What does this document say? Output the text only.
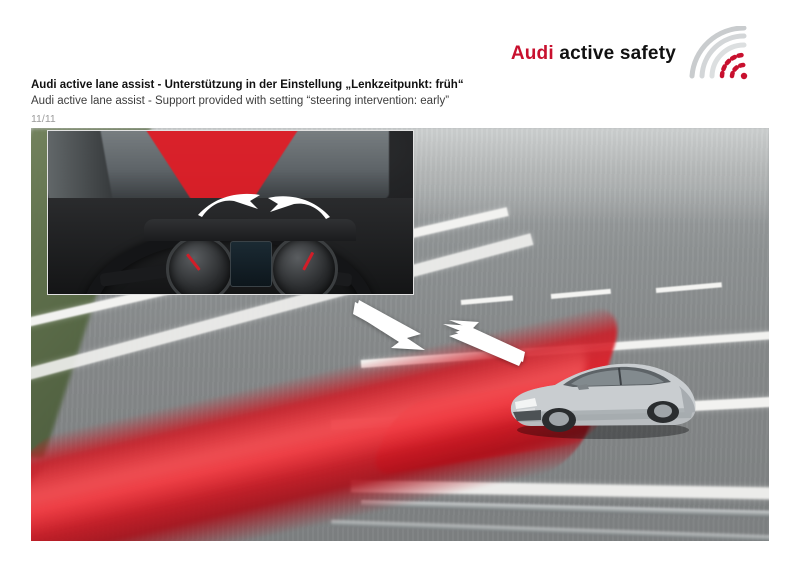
Audi active safety
Audi active lane assist - Unterstützung in der Einstellung „Lenkzeitpunkt: früh“
Audi active lane assist - Support provided with setting “steering intervention: early”
11/11
